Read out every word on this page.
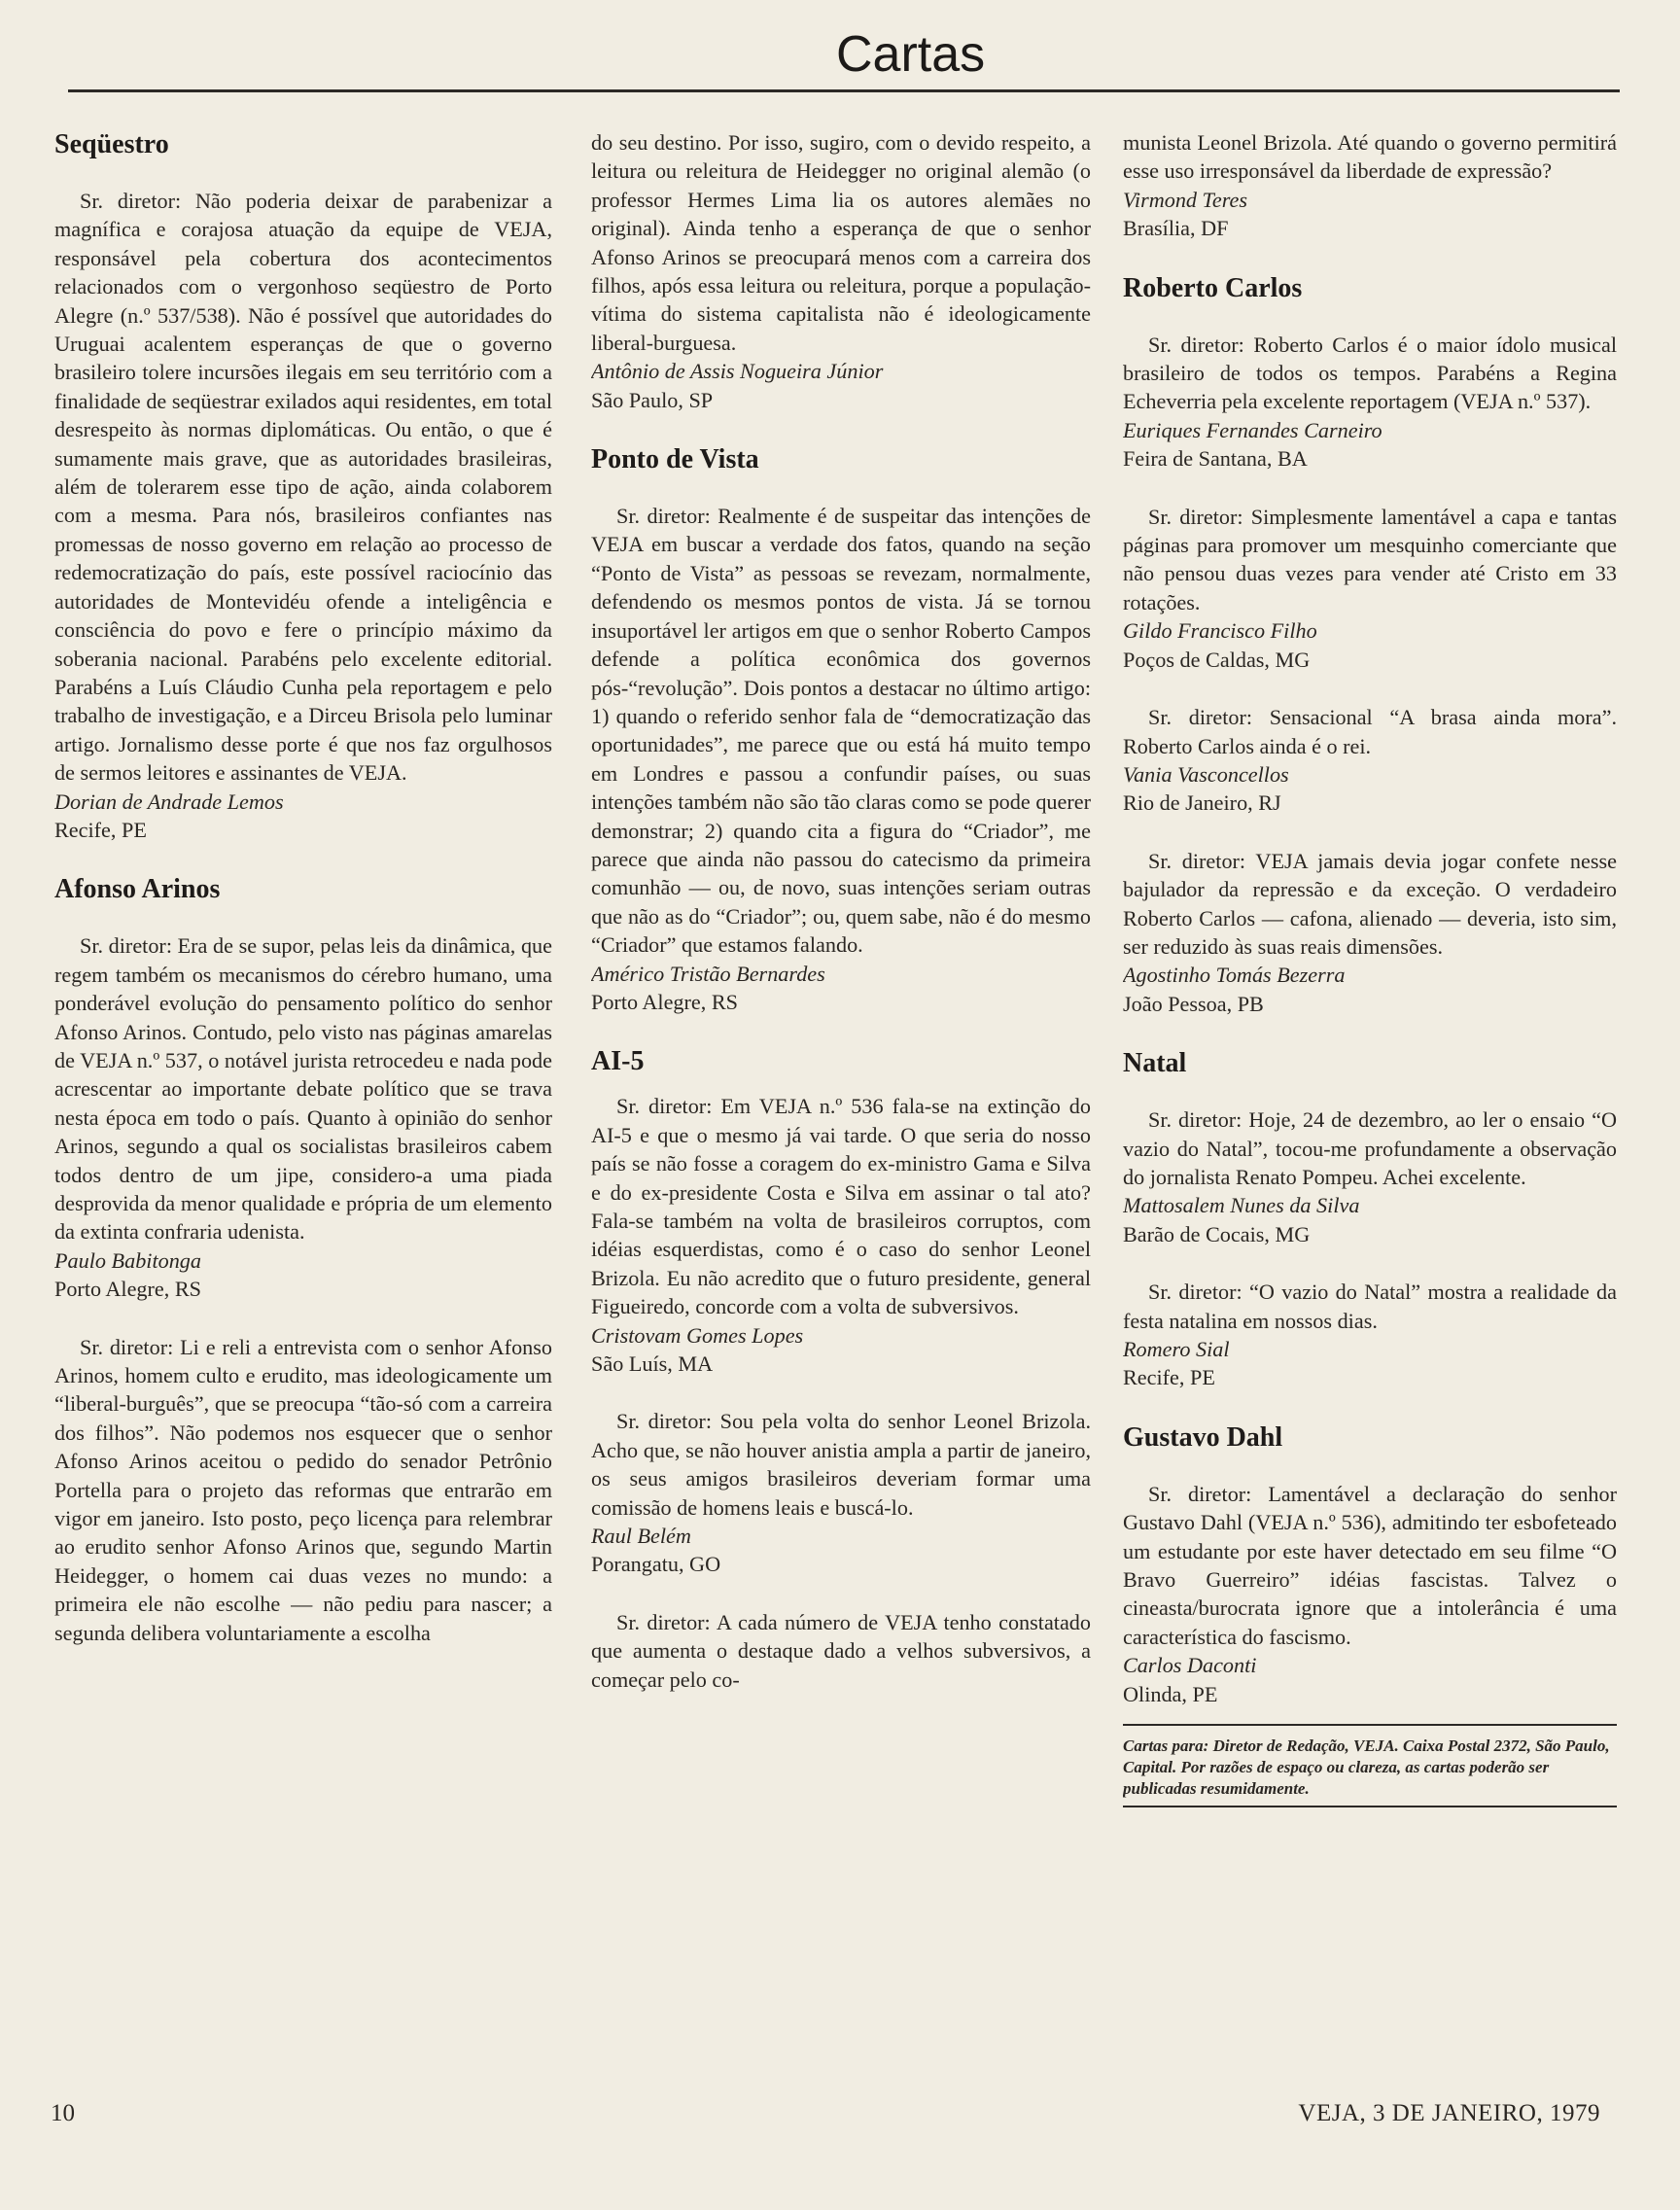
Cartas
Seqüestro

Sr. diretor: Não poderia deixar de parabenizar a magnífica e corajosa atuação da equipe de VEJA, responsável pela cobertura dos acontecimentos relacionados com o vergonhoso seqüestro de Porto Alegre (n.º 537/538). Não é possível que autoridades do Uruguai acalentem esperanças de que o governo brasileiro tolere incursões ilegais em seu território com a finalidade de seqüestrar exilados aqui residentes, em total desrespeito às normas diplomáticas. Ou então, o que é sumamente mais grave, que as autoridades brasileiras, além de tolerarem esse tipo de ação, ainda colaborem com a mesma. Para nós, brasileiros confiantes nas promessas de nosso governo em relação ao processo de redemocratização do país, este possível raciocínio das autoridades de Montevidéu ofende a inteligência e consciência do povo e fere o princípio máximo da soberania nacional. Parabéns pelo excelente editorial. Parabéns a Luís Cláudio Cunha pela reportagem e pelo trabalho de investigação, e a Dirceu Brisola pelo luminar artigo. Jornalismo desse porte é que nos faz orgulhosos de sermos leitores e assinantes de VEJA.

Dorian de Andrade Lemos
Recife, PE
Afonso Arinos

Sr. diretor: Era de se supor, pelas leis da dinâmica, que regem também os mecanismos do cérebro humano, uma ponderável evolução do pensamento político do senhor Afonso Arinos. Contudo, pelo visto nas páginas amarelas de VEJA n.º 537, o notável jurista retrocedeu e nada pode acrescentar ao importante debate político que se trava nesta época em todo o país. Quanto à opinião do senhor Arinos, segundo a qual os socialistas brasileiros cabem todos dentro de um jipe, considero-a uma piada desprovida da menor qualidade e própria de um elemento da extinta confraria udenista.

Paulo Babitonga
Porto Alegre, RS

Sr. diretor: Li e reli a entrevista com o senhor Afonso Arinos, homem culto e erudito, mas ideologicamente um “liberal-burguês”, que se preocupa “tão-só com a carreira dos filhos”. Não podemos nos esquecer que o senhor Afonso Arinos aceitou o pedido do senador Petrônio Portella para o projeto das reformas que entrarão em vigor em janeiro. Isto posto, peço licença para relembrar ao erudito senhor Afonso Arinos que, segundo Martin Heidegger, o homem cai duas vezes no mundo: a primeira ele não escolhe — não pediu para nascer; a segunda delibera voluntariamente a escolha

do seu destino. Por isso, sugiro, com o devido respeito, a leitura ou releitura de Heidegger no original alemão (o professor Hermes Lima lia os autores alemães no original). Ainda tenho a esperança de que o senhor Afonso Arinos se preocupará menos com a carreira dos filhos, após essa leitura ou releitura, porque a população-vítima do sistema capitalista não é ideologicamente liberal-burguesa.
Antônio de Assis Nogueira Júnior
São Paulo, SP
Ponto de Vista

Sr. diretor: Realmente é de suspeitar das intenções de VEJA em buscar a verdade dos fatos, quando na seção “Ponto de Vista” as pessoas se revezam, normalmente, defendendo os mesmos pontos de vista. Já se tornou insuportável ler artigos em que o senhor Roberto Campos defende a política econômica dos governos pós-“revolução”. Dois pontos a destacar no último artigo: 1) quando o referido senhor fala de “democratização das oportunidades”, me parece que ou está há muito tempo em Londres e passou a confundir países, ou suas intenções também não são tão claras como se pode querer demonstrar; 2) quando cita a figura do “Criador”, me parece que ainda não passou do catecismo da primeira comunhão — ou, de novo, suas intenções seriam outras que não as do “Criador”; ou, quem sabe, não é do mesmo “Criador” que estamos falando.

Américo Tristão Bernardes
Porto Alegre, RS
AI-5

Sr. diretor: Em VEJA n.º 536 fala-se na extinção do AI-5 e que o mesmo já vai tarde. O que seria do nosso país se não fosse a coragem do ex-ministro Gama e Silva e do ex-presidente Costa e Silva em assinar o tal ato? Fala-se também na volta de brasileiros corruptos, com idéias esquerdistas, como é o caso do senhor Leonel Brizola. Eu não acredito que o futuro presidente, general Figueiredo, concorde com a volta de subversivos.

Cristovam Gomes Lopes
São Luís, MA

Sr. diretor: Sou pela volta do senhor Leonel Brizola. Acho que, se não houver anistia ampla a partir de janeiro, os seus amigos brasileiros deveriam formar uma comissão de homens leais e buscá-lo.

Raul Belém
Porangatu, GO

Sr. diretor: A cada número de VEJA tenho constatado que aumenta o destaque dado a velhos subversivos, a começar pelo co-

munista Leonel Brizola. Até quando o governo permitirá esse uso irresponsável da liberdade de expressão?
Virmond Teres
Brasília, DF
Roberto Carlos

Sr. diretor: Roberto Carlos é o maior ídolo musical brasileiro de todos os tempos. Parabéns a Regina Echeverria pela excelente reportagem (VEJA n.º 537).

Euriques Fernandes Carneiro
Feira de Santana, BA

Sr. diretor: Simplesmente lamentável a capa e tantas páginas para promover um mesquinho comerciante que não pensou duas vezes para vender até Cristo em 33 rotações.

Gildo Francisco Filho
Poços de Caldas, MG

Sr. diretor: Sensacional “A brasa ainda mora”. Roberto Carlos ainda é o rei.

Vania Vasconcellos
Rio de Janeiro, RJ

Sr. diretor: VEJA jamais devia jogar confete nesse bajulador da repressão e da exceção. O verdadeiro Roberto Carlos — cafona, alienado — deveria, isto sim, ser reduzido às suas reais dimensões.

Agostinho Tomás Bezerra
João Pessoa, PB
Natal

Sr. diretor: Hoje, 24 de dezembro, ao ler o ensaio “O vazio do Natal”, tocou-me profundamente a observação do jornalista Renato Pompeu. Achei excelente.

Mattosalem Nunes da Silva
Barão de Cocais, MG

Sr. diretor: “O vazio do Natal” mostra a realidade da festa natalina em nossos dias.

Romero Sial
Recife, PE
Gustavo Dahl

Sr. diretor: Lamentável a declaração do senhor Gustavo Dahl (VEJA n.º 536), admitindo ter esbofeteado um estudante por este haver detectado em seu filme “O Bravo Guerreiro” idéias fascistas. Talvez o cineasta/burocrata ignore que a intolerância é uma característica do fascismo.

Carlos Daconti
Olinda, PE
Cartas para: Diretor de Redação, VEJA. Caixa Postal 2372, São Paulo, Capital. Por razões de espaço ou clareza, as cartas poderão ser publicadas resumidamente.
10	VEJA, 3 DE JANEIRO, 1979
